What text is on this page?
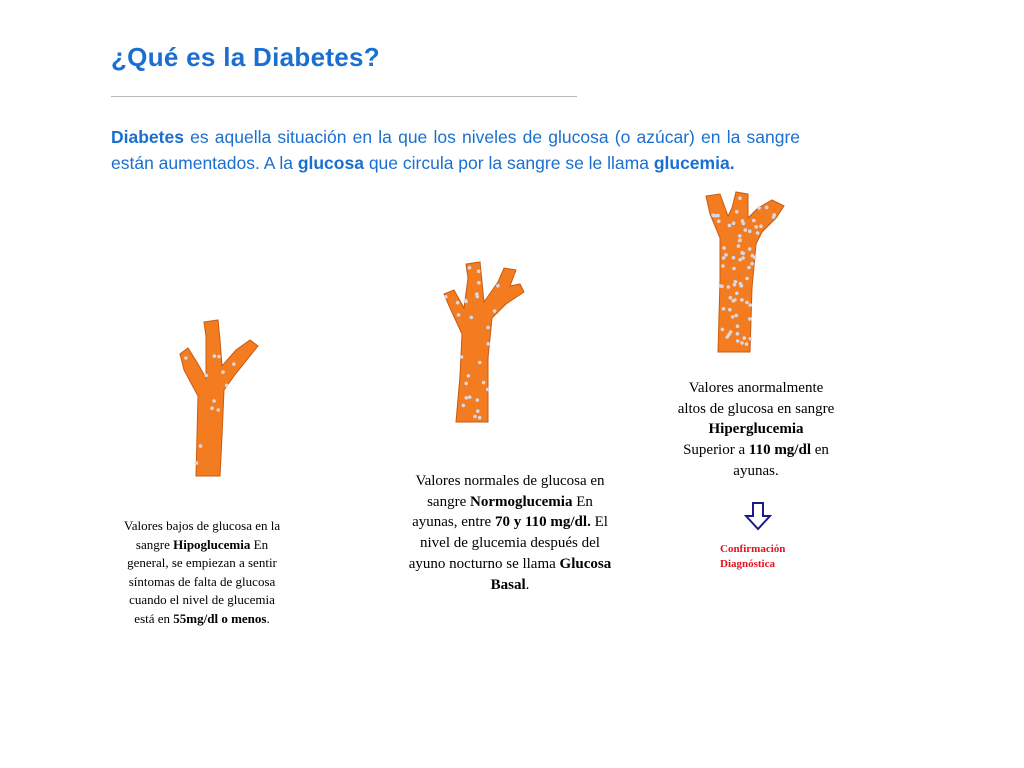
¿Qué es la Diabetes?

Diabetes es aquella situación en la que los niveles de glucosa (o azúcar) en la sangre están aumentados. A la glucosa que circula por la sangre se le llama glucemia.

Valores bajos de glucosa en la sangre Hipoglucemia En general, se empiezan a sentir síntomas de falta de glucosa cuando el nivel de glucemia está en 55mg/dl o menos.

Valores normales de glucosa en sangre Normoglucemia En ayunas, entre 70 y 110 mg/dl. El nivel de glucemia después del ayuno nocturno se llama Glucosa Basal.

Valores anormalmente altos de glucosa en sangre
Hiperglucemia
Superior a 110 mg/dl en ayunas.

Confirmación Diagnóstica
